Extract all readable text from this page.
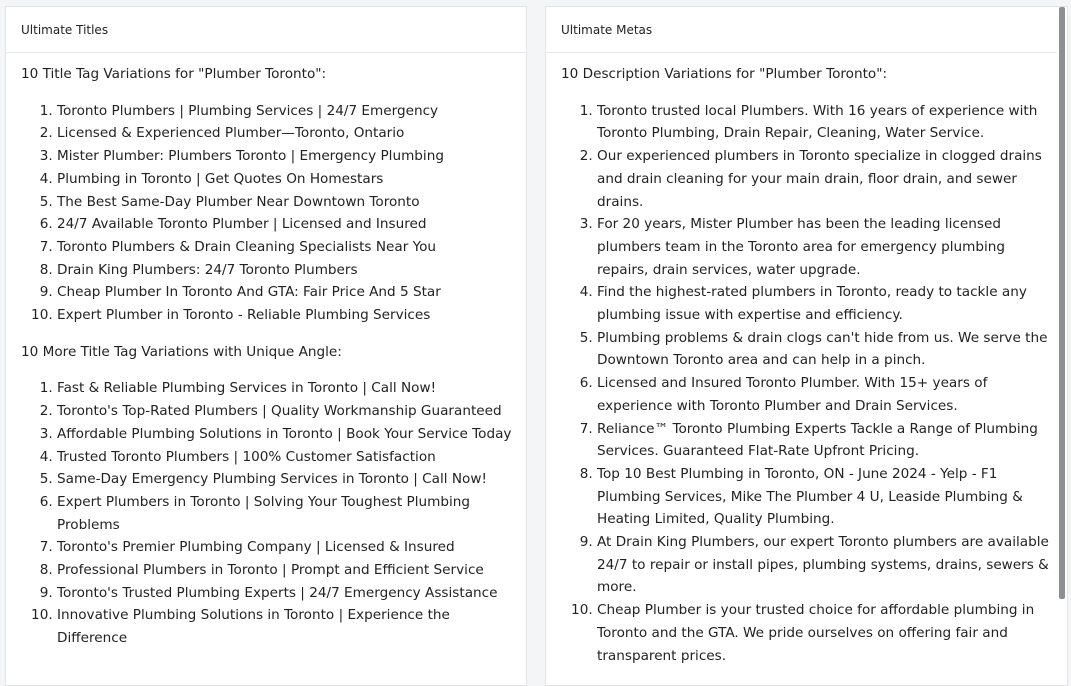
Ultimate Titles

10 Title Tag Variations for "Plumber Toronto":

1. Toronto Plumbers | Plumbing Services | 24/7 Emergency
2. Licensed & Experienced Plumber—Toronto, Ontario
3. Mister Plumber: Plumbers Toronto | Emergency Plumbing
4. Plumbing in Toronto | Get Quotes On Homestars
5. The Best Same-Day Plumber Near Downtown Toronto
6. 24/7 Available Toronto Plumber | Licensed and Insured
7. Toronto Plumbers & Drain Cleaning Specialists Near You
8. Drain King Plumbers: 24/7 Toronto Plumbers
9. Cheap Plumber In Toronto And GTA: Fair Price And 5 Star
10. Expert Plumber in Toronto - Reliable Plumbing Services

10 More Title Tag Variations with Unique Angle:

1. Fast & Reliable Plumbing Services in Toronto | Call Now!
2. Toronto's Top-Rated Plumbers | Quality Workmanship Guaranteed
3. Affordable Plumbing Solutions in Toronto | Book Your Service Today
4. Trusted Toronto Plumbers | 100% Customer Satisfaction
5. Same-Day Emergency Plumbing Services in Toronto | Call Now!
6. Expert Plumbers in Toronto | Solving Your Toughest Plumbing Problems
7. Toronto's Premier Plumbing Company | Licensed & Insured
8. Professional Plumbers in Toronto | Prompt and Efficient Service
9. Toronto's Trusted Plumbing Experts | 24/7 Emergency Assistance
10. Innovative Plumbing Solutions in Toronto | Experience the Difference
Ultimate Metas

10 Description Variations for "Plumber Toronto":

1. Toronto trusted local Plumbers. With 16 years of experience with Toronto Plumbing, Drain Repair, Cleaning, Water Service.
2. Our experienced plumbers in Toronto specialize in clogged drains and drain cleaning for your main drain, floor drain, and sewer drains.
3. For 20 years, Mister Plumber has been the leading licensed plumbers team in the Toronto area for emergency plumbing repairs, drain services, water upgrade.
4. Find the highest-rated plumbers in Toronto, ready to tackle any plumbing issue with expertise and efficiency.
5. Plumbing problems & drain clogs can't hide from us. We serve the Downtown Toronto area and can help in a pinch.
6. Licensed and Insured Toronto Plumber. With 15+ years of experience with Toronto Plumber and Drain Services.
7. Reliance™ Toronto Plumbing Experts Tackle a Range of Plumbing Services. Guaranteed Flat-Rate Upfront Pricing.
8. Top 10 Best Plumbing in Toronto, ON - June 2024 - Yelp - F1 Plumbing Services, Mike The Plumber 4 U, Leaside Plumbing & Heating Limited, Quality Plumbing.
9. At Drain King Plumbers, our expert Toronto plumbers are available 24/7 to repair or install pipes, plumbing systems, drains, sewers & more.
10. Cheap Plumber is your trusted choice for affordable plumbing in Toronto and the GTA. We pride ourselves on offering fair and transparent prices.
